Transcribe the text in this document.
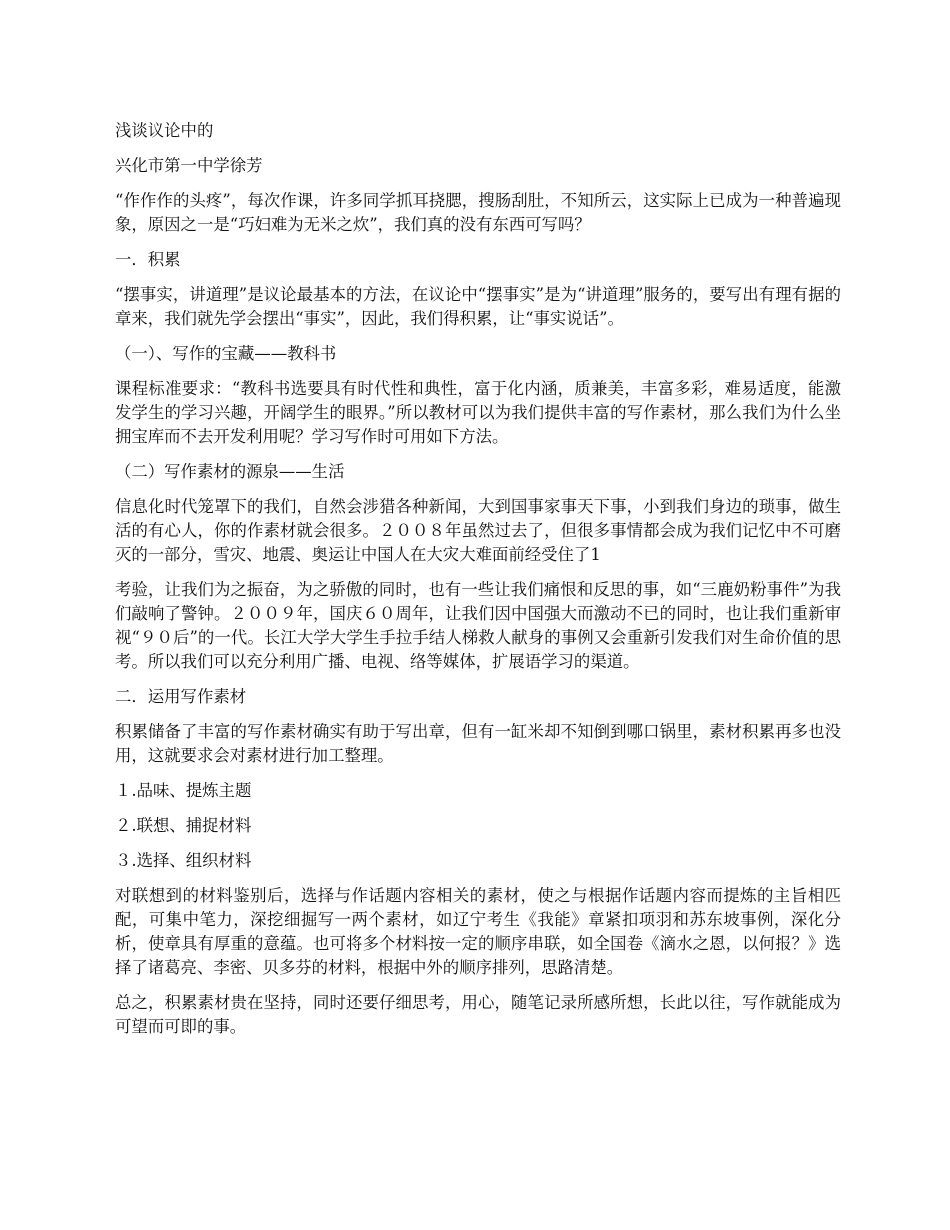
浅谈议论中的

兴化市第一中学徐芳

“作作作的头疼”，每次作课，许多同学抓耳挠腮，搜肠刮肚，不知所云，这实际上已成为一种普遍现象，原因之一是“巧妇难为无米之炊”，我们真的没有东西可写吗？

一．积累

“摆事实，讲道理”是议论最基本的方法，在议论中“摆事实”是为“讲道理”服务的，要写出有理有据的章来，我们就先学会摆出“事实”，因此，我们得积累，让“事实说话”。

（一）、写作的宝藏——教科书

课程标准要求：“教科书选要具有时代性和典性，富于化内涵，质兼美，丰富多彩，难易适度，能激发学生的学习兴趣，开阔学生的眼界。”所以教材可以为我们提供丰富的写作素材，那么我们为什么坐拥宝库而不去开发利用呢？学习写作时可用如下方法。

（二）写作素材的源泉——生活

信息化时代笼罩下的我们，自然会涉猎各种新闻，大到国事家事天下事，小到我们身边的琐事，做生活的有心人，你的作素材就会很多。２００８年虽然过去了，但很多事情都会成为我们记忆中不可磨灭的一部分，雪灾、地震、奥运让中国人在大灾大难面前经受住了1

考验，让我们为之振奋，为之骄傲的同时，也有一些让我们痛恨和反思的事，如“三鹿奶粉事件”为我们敲响了警钟。２００９年，国庆６０周年，让我们因中国强大而激动不已的同时，也让我们重新审视“９０后”的一代。长江大学大学生手拉手结人梯救人献身的事例又会重新引发我们对生命价值的思考。所以我们可以充分利用广播、电视、络等媒体，扩展语学习的渠道。

二．运用写作素材

积累储备了丰富的写作素材确实有助于写出章，但有一缸米却不知倒到哪口锅里，素材积累再多也没用，这就要求会对素材进行加工整理。

１.品味、提炼主题

２.联想、捕捉材料

３.选择、组织材料

对联想到的材料鉴别后，选择与作话题内容相关的素材，使之与根据作话题内容而提炼的主旨相匹配，可集中笔力，深挖细掘写一两个素材，如辽宁考生《我能》章紧扣项羽和苏东坡事例，深化分析，使章具有厚重的意蕴。也可将多个材料按一定的顺序串联，如全国卷《滴水之恩，以何报？》选择了诸葛亮、李密、贝多芬的材料，根据中外的顺序排列，思路清楚。

总之，积累素材贵在坚持，同时还要仔细思考，用心，随笔记录所感所想，长此以往，写作就能成为可望而可即的事。
